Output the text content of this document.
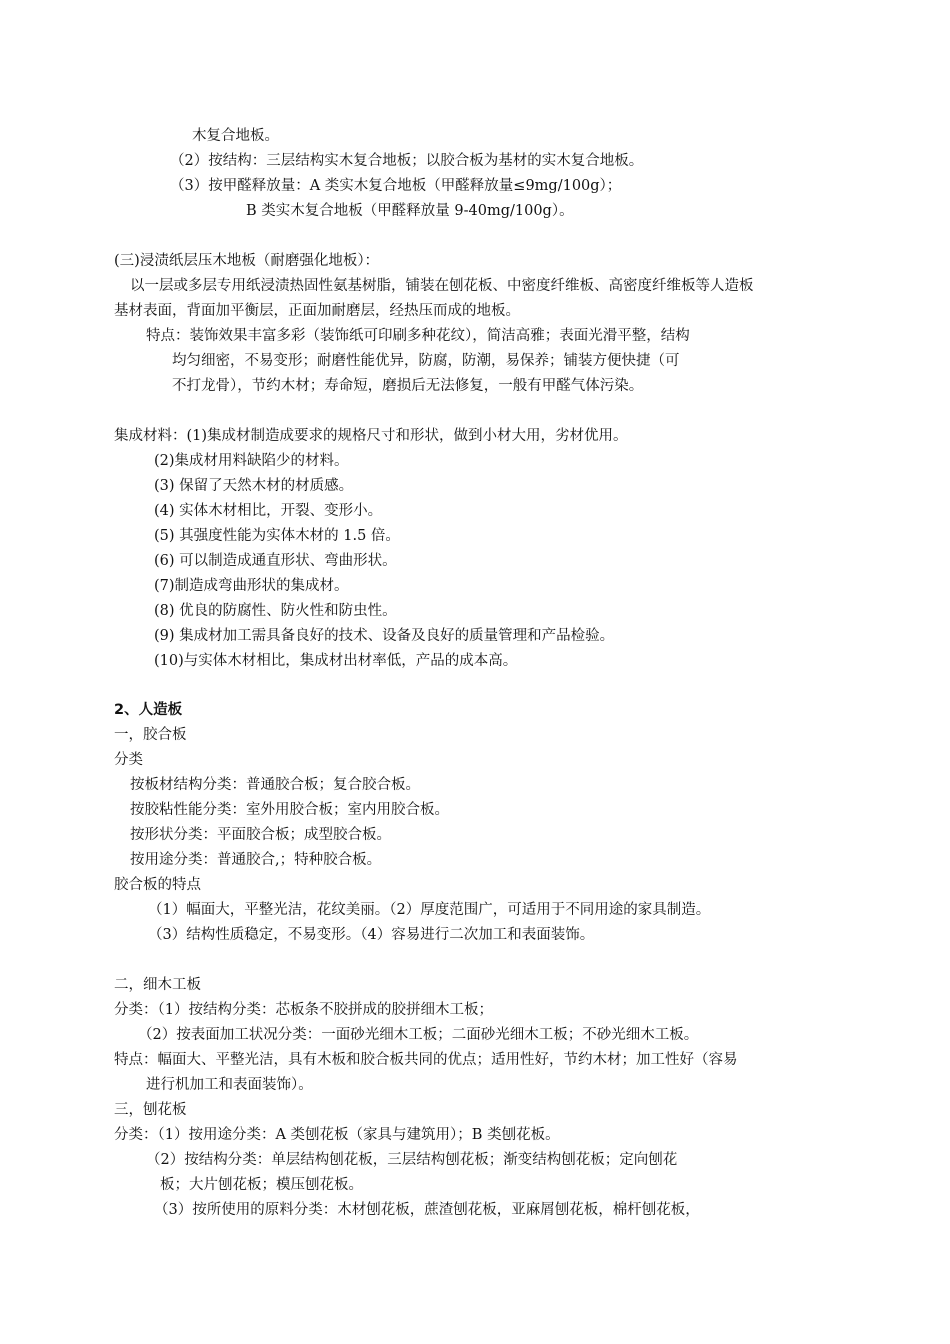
木复合地板。
（2）按结构：三层结构实木复合地板；以胶合板为基材的实木复合地板。
（3）按甲醛释放量：A 类实木复合地板（甲醛释放量≤9mg/100g）；
B 类实木复合地板（甲醛释放量 9-40mg/100g）。
(三)浸渍纸层压木地板（耐磨强化地板）：
以一层或多层专用纸浸渍热固性氨基树脂，铺装在刨花板、中密度纤维板、高密度纤维板等人造板
基材表面，背面加平衡层，正面加耐磨层，经热压而成的地板。
特点：装饰效果丰富多彩（装饰纸可印刷多种花纹），简洁高雅；表面光滑平整，结构
均匀细密，不易变形；耐磨性能优异，防腐，防潮，易保养；铺装方便快捷（可
不打龙骨），节约木材；寿命短，磨损后无法修复，一般有甲醛气体污染。
集成材料：(1)集成材制造成要求的规格尺寸和形状，做到小材大用，劣材优用。
(2)集成材用料缺陷少的材料。
(3) 保留了天然木材的材质感。
(4) 实体木材相比，开裂、变形小。
(5) 其强度性能为实体木材的 1.5 倍。
(6) 可以制造成通直形状、弯曲形状。
(7)制造成弯曲形状的集成材。
(8) 优良的防腐性、防火性和防虫性。
(9) 集成材加工需具备良好的技术、设备及良好的质量管理和产品检验。
(10)与实体木材相比，集成材出材率低，产品的成本高。
2、人造板
一，胶合板
分类
按板材结构分类：普通胶合板；复合胶合板。
按胶粘性能分类：室外用胶合板；室内用胶合板。
按形状分类：平面胶合板；成型胶合板。
按用途分类：普通胶合,；特种胶合板。
胶合板的特点
（1）幅面大，平整光洁，花纹美丽。（2）厚度范围广，可适用于不同用途的家具制造。
（3）结构性质稳定，不易变形。（4）容易进行二次加工和表面装饰。
二，细木工板
分类：（1）按结构分类：芯板条不胶拼成的胶拼细木工板；
（2）按表面加工状况分类：一面砂光细木工板；二面砂光细木工板；不砂光细木工板。
特点：幅面大、平整光洁，具有木板和胶合板共同的优点；适用性好，节约木材；加工性好（容易
进行机加工和表面装饰）。
三，刨花板
分类：（1）按用途分类：A 类刨花板（家具与建筑用）；B 类刨花板。
（2）按结构分类：单层结构刨花板，三层结构刨花板；渐变结构刨花板；定向刨花
板；大片刨花板；模压刨花板。
（3）按所使用的原料分类：木材刨花板，蔗渣刨花板，亚麻屑刨花板，棉杆刨花板，
